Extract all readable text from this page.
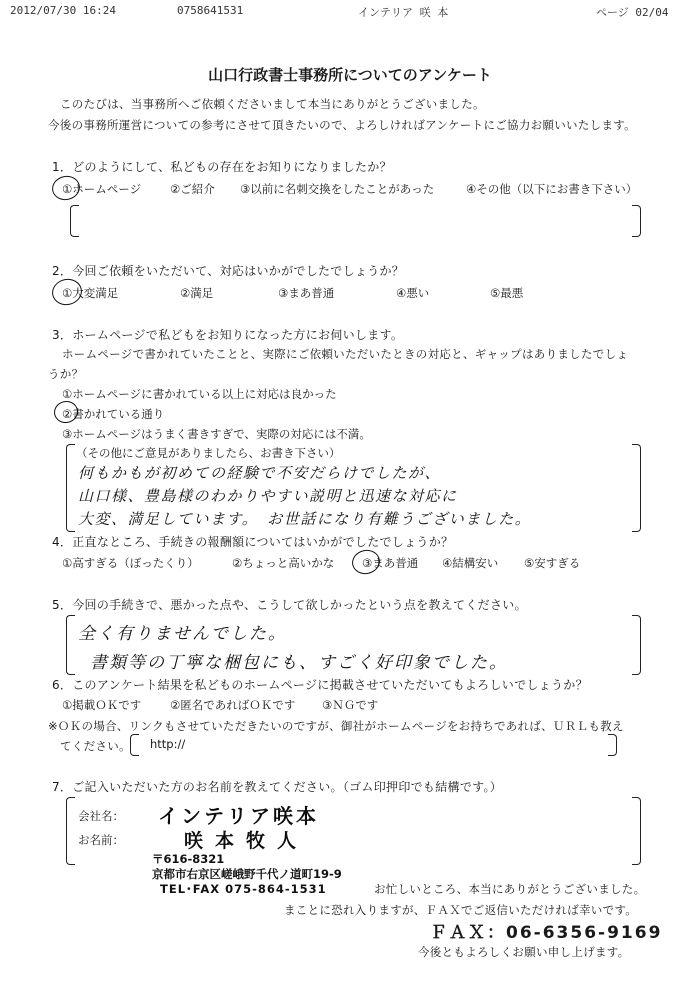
2012/07/30 16:24	0758641531	インテリア 咲 本	ページ 02/04
山口行政書士事務所についてのアンケート
このたびは、当事務所へご依頼くださいまして本当にありがとうございました。
今後の事務所運営についての参考にさせて頂きたいので、よろしければアンケートにご協力お願いいたします。
1．どのようにして、私どもの存在をお知りになりましたか？
①ホームページ	②ご紹介 ③以前に名刺交換をしたことがあった	④その他（以下にお書き下さい）
2．今回ご依頼をいただいて、対応はいかがでしたでしょうか？
①大変満足	②満足	③まあ普通	④悪い	⑤最悪
3．ホームページで私どもをお知りになった方にお伺いします。
ホームページで書かれていたことと、実際にご依頼いただいたときの対応と、ギャップはありましたでしょ
うか？
①ホームページに書かれている以上に対応は良かった
②書かれている通り
③ホームページはうまく書きすぎで、実際の対応には不満。
（その他にご意見がありましたら、お書き下さい）
何もかもが初めての経験で不安だらけでしたが、
山口様、豊島様のわかりやすい説明と迅速な対応に
大変、満足しています。　お世話になり有難うございました。
4．正直なところ、手続きの報酬額についてはいかがでしたでしょうか？
①高すぎる（ぼったくり）	②ちょっと高いかな ③まあ普通 ④結構安い ⑤安すぎる
5．今回の手続きで、悪かった点や、こうして欲しかったという点を教えてください。
全く有りませんでした。
書類等の丁寧な梱包にも、すごく好印象でした。
6．このアンケート結果を私どものホームページに掲載させていただいてもよろしいでしょうか？
①掲載ＯＫです ②匿名であればＯＫです ③ＮＧです
※ＯＫの場合、リンクもさせていただきたいのですが、御社がホームページをお持ちであれば、ＵＲＬも教え
てください。 http://
7．ご記入いただいた方のお名前を教えてください。（ゴム印押印でも結構です。）
会社名： インテリア咲本
お名前：	咲本牧人
〒616-8321
京都市右京区嵯峨野千代ノ道町19-9
TEL･FAX 075-864-1531	お忙しいところ、本当にありがとうございました。
まことに恐れ入りますが、ＦＡＸでご返信いただければ幸いです。
ＦＡＸ：06-6356-9169
今後ともよろしくお願い申し上げます。
